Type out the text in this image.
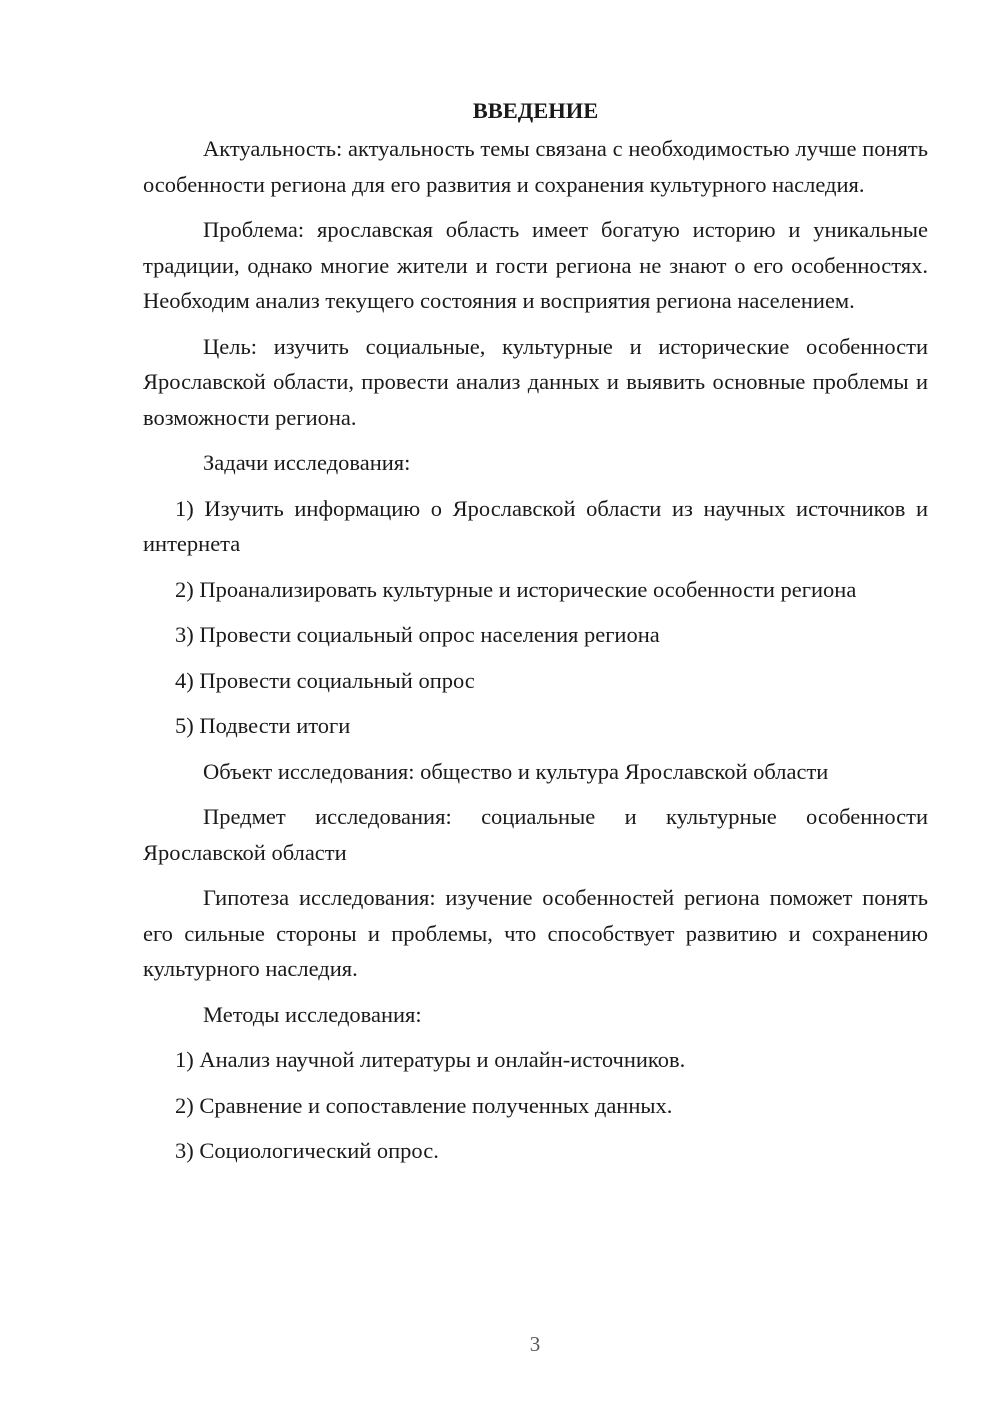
ВВЕДЕНИЕ

Актуальность: актуальность темы связана с необходимостью лучше понять особенности региона для его развития и сохранения культурного наследия.

Проблема: ярославская область имеет богатую историю и уникальные традиции, однако многие жители и гости региона не знают о его особенностях. Необходим анализ текущего состояния и восприятия региона населением.

Цель: изучить социальные, культурные и исторические особенности Ярославской области, провести анализ данных и выявить основные проблемы и возможности региона.

Задачи исследования:

1) Изучить информацию о Ярославской области из научных источников и интернета

2) Проанализировать культурные и исторические особенности региона

3) Провести социальный опрос населения региона

4) Провести социальный опрос

5) Подвести итоги

Объект исследования: общество и культура Ярославской области

Предмет исследования: социальные и культурные особенности Ярославской области

Гипотеза исследования: изучение особенностей региона поможет понять его сильные стороны и проблемы, что способствует развитию и сохранению культурного наследия.

Методы исследования:

1) Анализ научной литературы и онлайн-источников.

2) Сравнение и сопоставление полученных данных.

3) Социологический опрос.

3
